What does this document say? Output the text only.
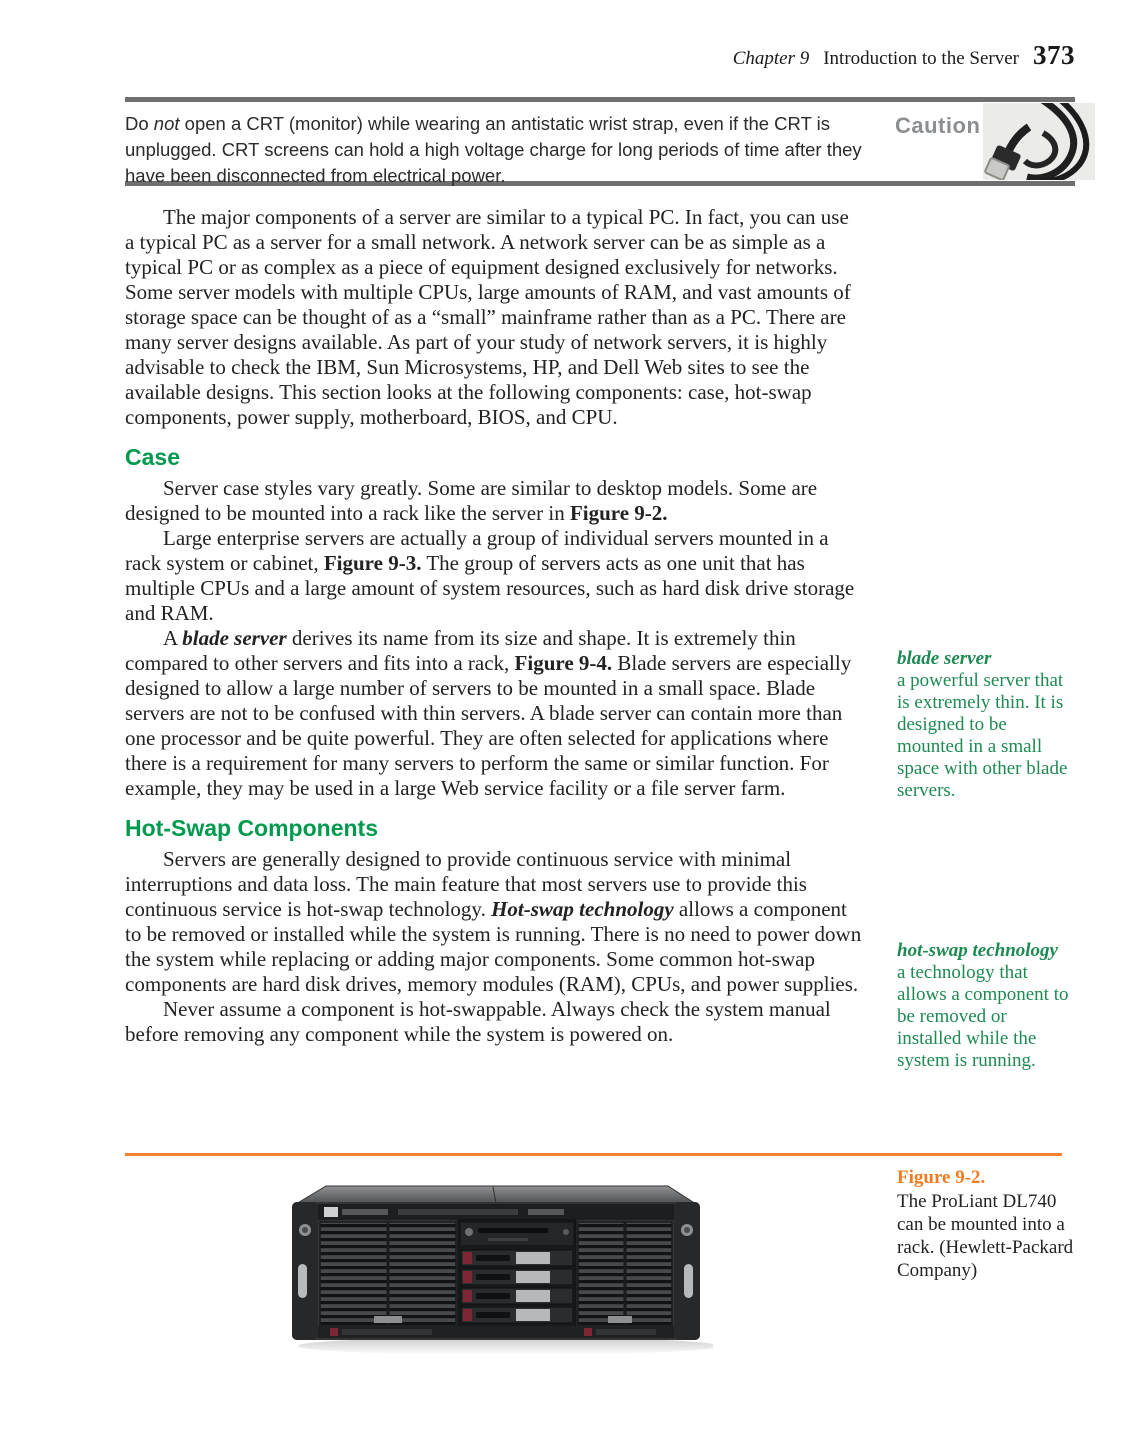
Chapter 9 Introduction to the Server 373
Do not open a CRT (monitor) while wearing an antistatic wrist strap, even if the CRT is unplugged. CRT screens can hold a high voltage charge for long periods of time after they have been disconnected from electrical power.
Caution

The major components of a server are similar to a typical PC. In fact, you can use a typical PC as a server for a small network. A network server can be as simple as a typical PC or as complex as a piece of equipment designed exclusively for networks. Some server models with multiple CPUs, large amounts of RAM, and vast amounts of storage space can be thought of as a “small” mainframe rather than as a PC. There are many server designs available. As part of your study of network servers, it is highly advisable to check the IBM, Sun Microsystems, HP, and Dell Web sites to see the available designs. This section looks at the following components: case, hot-swap components, power supply, motherboard, BIOS, and CPU.

Case

Server case styles vary greatly. Some are similar to desktop models. Some are designed to be mounted into a rack like the server in Figure 9-2.

Large enterprise servers are actually a group of individual servers mounted in a rack system or cabinet, Figure 9-3. The group of servers acts as one unit that has multiple CPUs and a large amount of system resources, such as hard disk drive storage and RAM.

A blade server derives its name from its size and shape. It is extremely thin compared to other servers and fits into a rack, Figure 9-4. Blade servers are especially designed to allow a large number of servers to be mounted in a small space. Blade servers are not to be confused with thin servers. A blade server can contain more than one processor and be quite powerful. They are often selected for applications where there is a requirement for many servers to perform the same or similar function. For example, they may be used in a large Web service facility or a file server farm.

Hot-Swap Components

Servers are generally designed to provide continuous service with minimal interruptions and data loss. The main feature that most servers use to provide this continuous service is hot-swap technology. Hot-swap technology allows a component to be removed or installed while the system is running. There is no need to power down the system while replacing or adding major components. Some common hot-swap components are hard disk drives, memory modules (RAM), CPUs, and power supplies.

Never assume a component is hot-swappable. Always check the system manual before removing any component while the system is powered on.

blade server
a powerful server that is extremely thin. It is designed to be mounted in a small space with other blade servers.
hot-swap technology
a technology that allows a component to be removed or installed while the system is running.
Figure 9-2.
The ProLiant DL740 can be mounted into a rack. (Hewlett-Packard Company)
